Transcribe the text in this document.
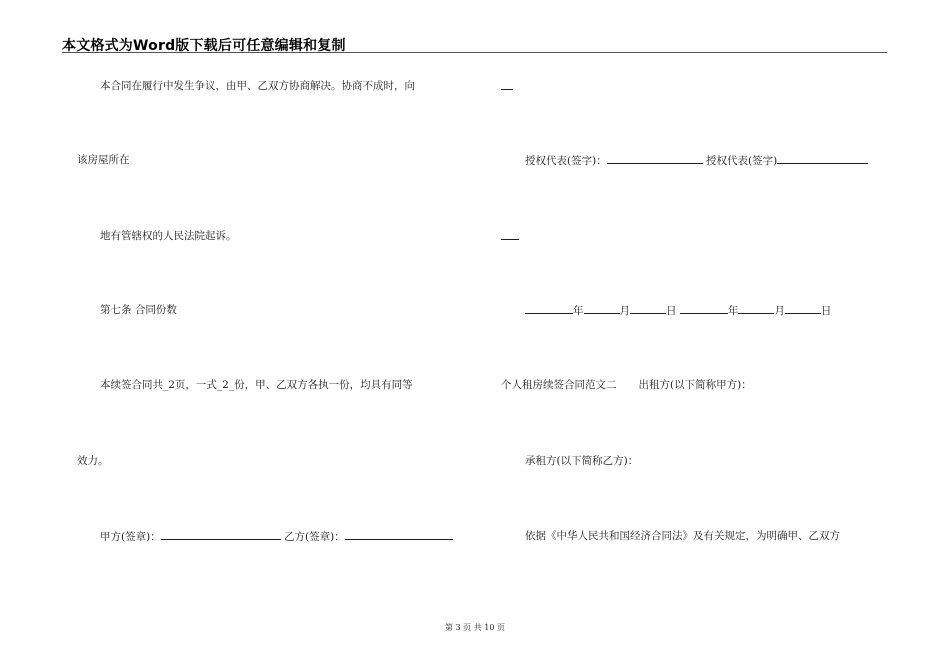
本文格式为Word版下载后可任意编辑和复制
本合同在履行中发生争议，由甲、乙双方协商解决。协商不成时，向
该房屋所在
地有管辖权的人民法院起诉。
第七条 合同份数
本续签合同共_2页，一式_2_份，甲、乙双方各执一份，均具有同等
效力。
甲方(签章)：	乙方(签章)：
授权代表(签字)：	授权代表(签字)
年	月	日	年	月	日
个人租房续签合同范文二 出租方(以下简称甲方)：
承租方(以下简称乙方)：
依据《中华人民共和国经济合同法》及有关规定，为明确甲、乙双方
第 3 页 共 10 页
